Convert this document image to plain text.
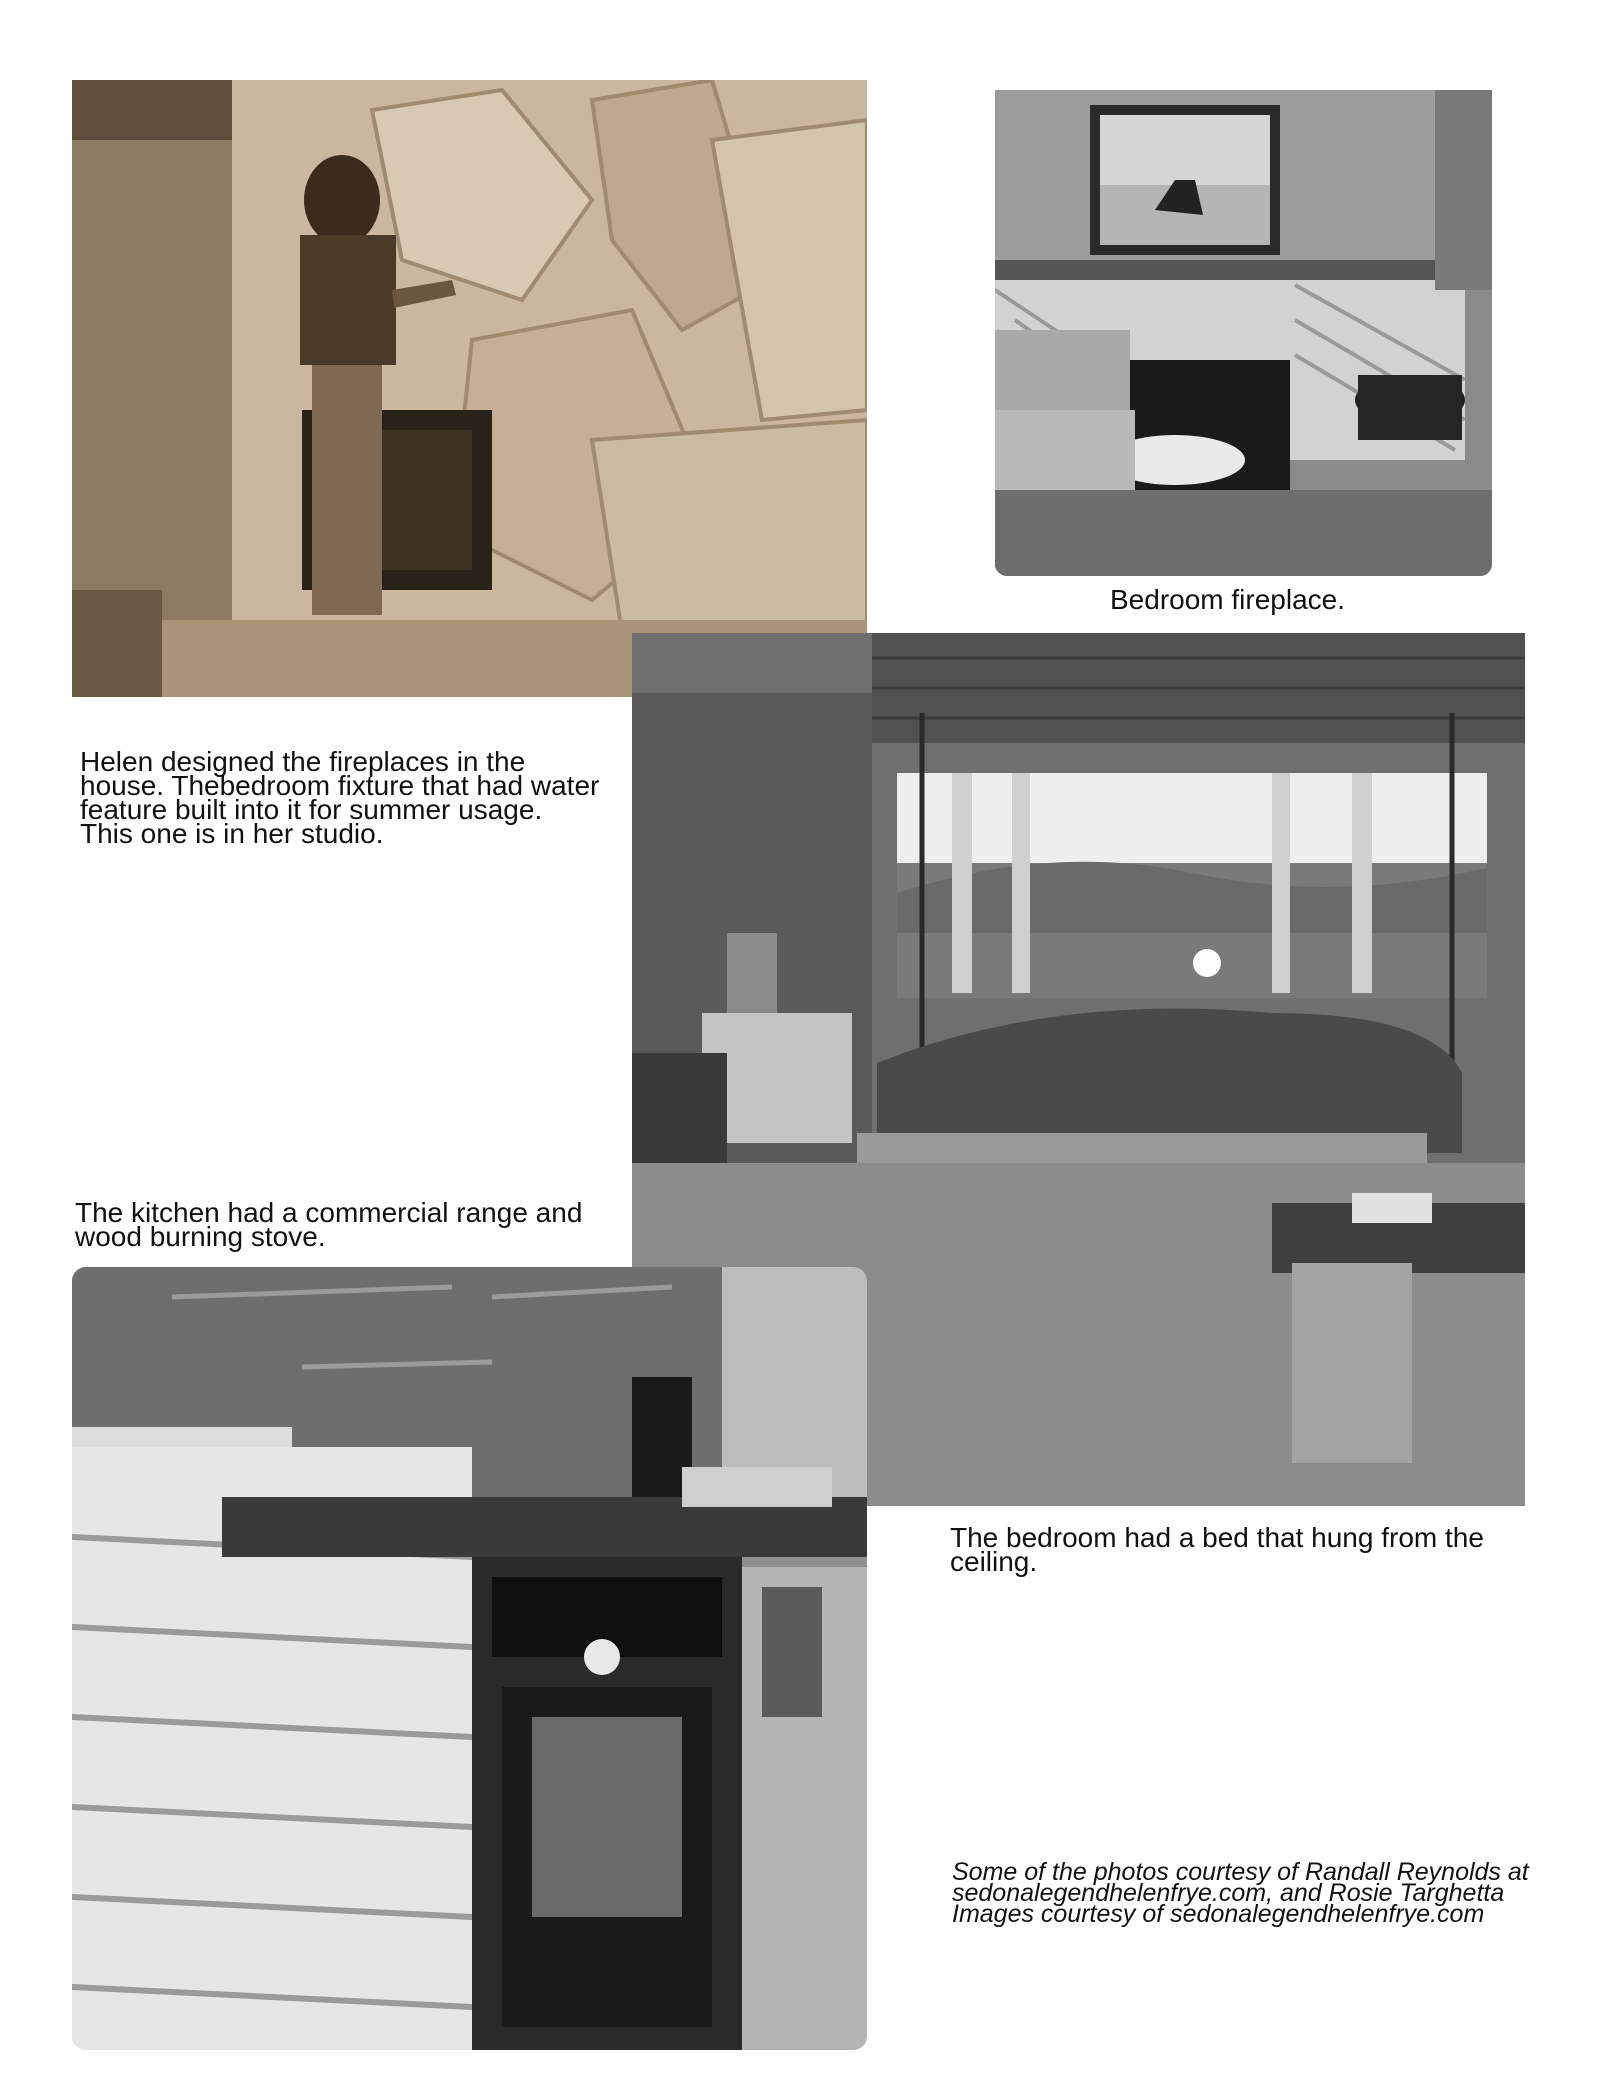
Helen designed the fireplaces in the house. Thebedroom fixture that had water feature built into it for summer usage. This one is in her studio.

Bedroom fireplace.

The kitchen had a commercial range and wood burning stove.

The bedroom had a bed that hung from the ceiling.

Some of the photos courtesy of Randall Reynolds at sedonalegendhelenfrye.com, and Rosie Targhetta Images courtesy of sedonalegendhelenfrye.com
